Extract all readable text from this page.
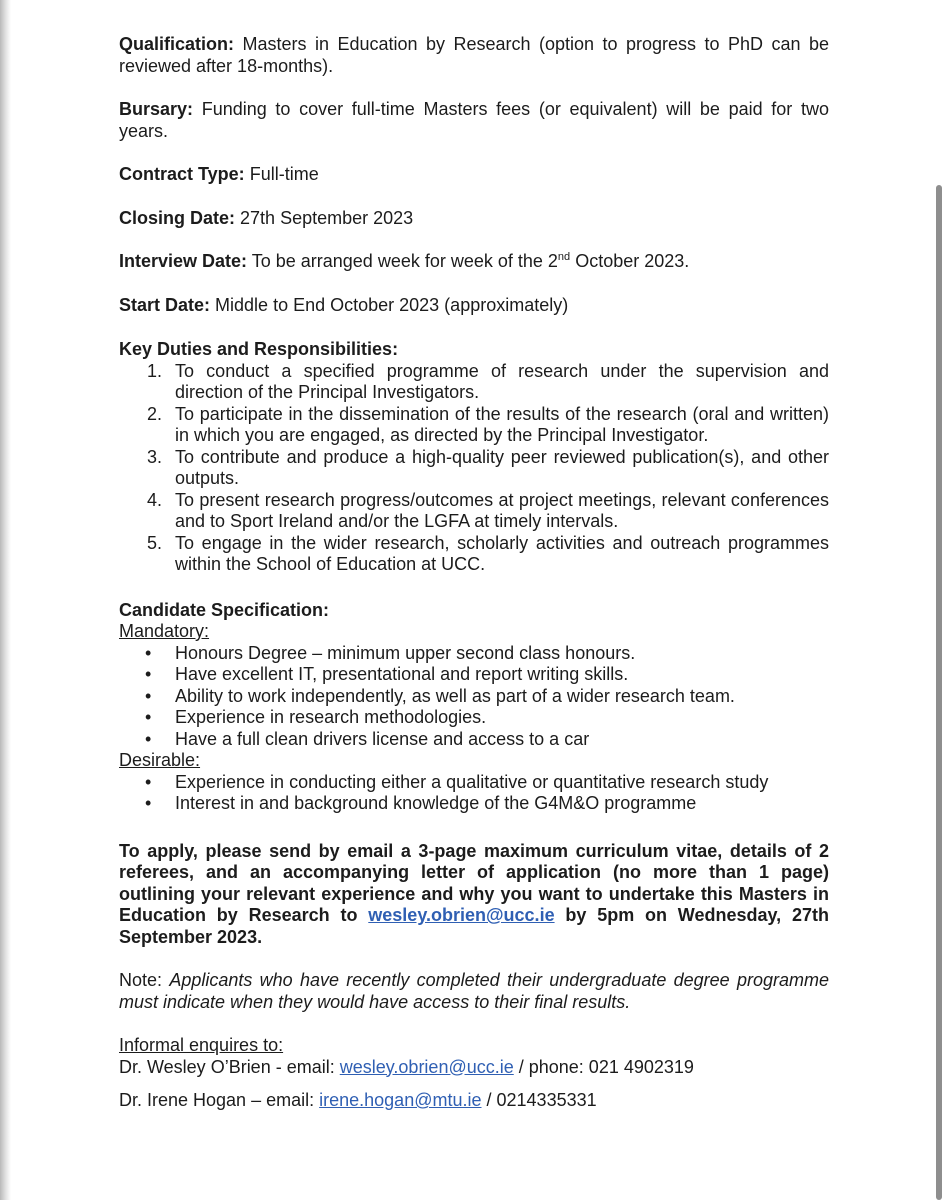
Qualification: Masters in Education by Research (option to progress to PhD can be reviewed after 18-months).

Bursary: Funding to cover full-time Masters fees (or equivalent) will be paid for two years.

Contract Type: Full-time

Closing Date: 27th September 2023

Interview Date: To be arranged week for week of the 2nd October 2023.

Start Date: Middle to End October 2023 (approximately)

Key Duties and Responsibilities:

1. To conduct a specified programme of research under the supervision and direction of the Principal Investigators.
2. To participate in the dissemination of the results of the research (oral and written) in which you are engaged, as directed by the Principal Investigator.
3. To contribute and produce a high-quality peer reviewed publication(s), and other outputs.
4. To present research progress/outcomes at project meetings, relevant conferences and to Sport Ireland and/or the LGFA at timely intervals.
5. To engage in the wider research, scholarly activities and outreach programmes within the School of Education at UCC.

Candidate Specification:

Mandatory:

• Honours Degree – minimum upper second class honours.
• Have excellent IT, presentational and report writing skills.
• Ability to work independently, as well as part of a wider research team.
• Experience in research methodologies.
• Have a full clean drivers license and access to a car

Desirable:

• Experience in conducting either a qualitative or quantitative research study
• Interest in and background knowledge of the G4M&O programme

To apply, please send by email a 3-page maximum curriculum vitae, details of 2 referees, and an accompanying letter of application (no more than 1 page) outlining your relevant experience and why you want to undertake this Masters in Education by Research to wesley.obrien@ucc.ie by 5pm on Wednesday, 27th September 2023.

Note: Applicants who have recently completed their undergraduate degree programme must indicate when they would have access to their final results.

Informal enquires to:

Dr. Wesley O’Brien - email: wesley.obrien@ucc.ie / phone: 021 4902319

Dr. Irene Hogan – email: irene.hogan@mtu.ie / 0214335331
